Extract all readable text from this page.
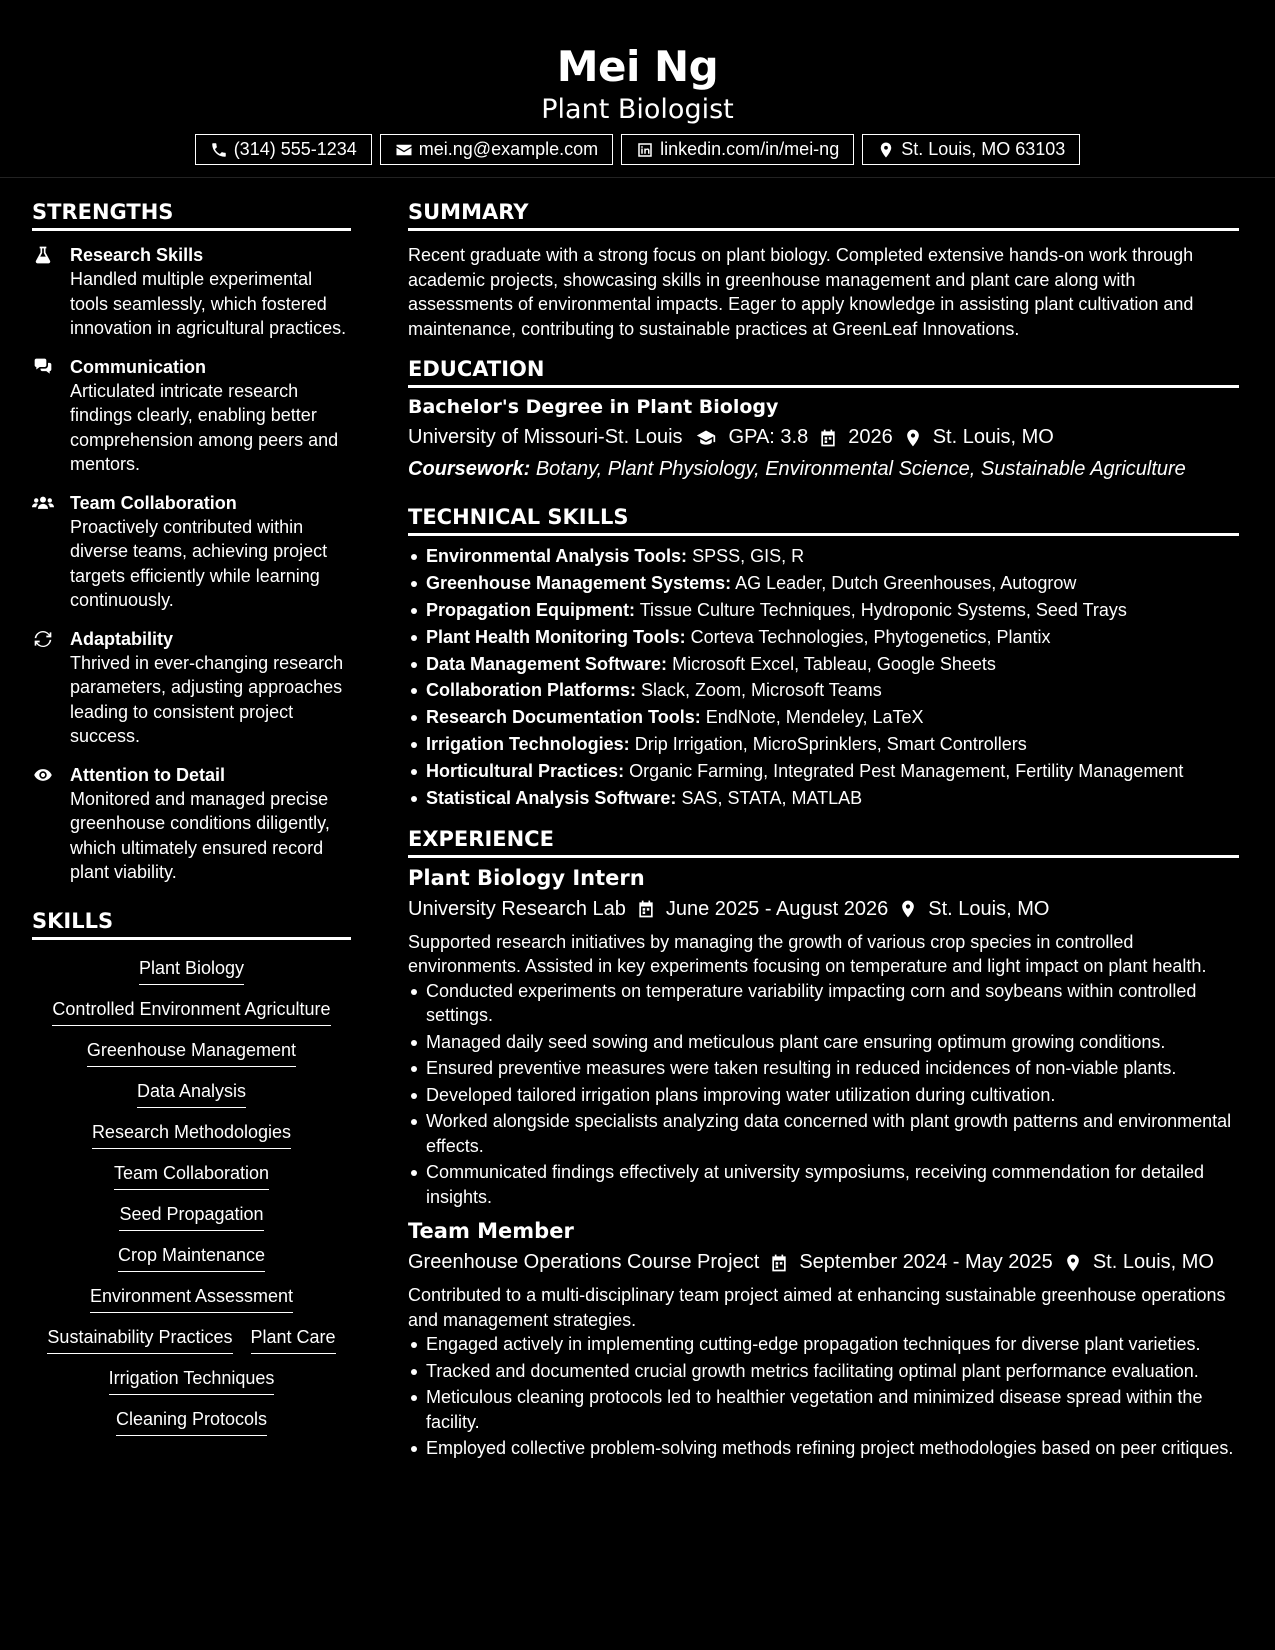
Mei Ng
Plant Biologist
(314) 555-1234	mei.ng@example.com	linkedin.com/in/mei-ng	St. Louis, MO 63103
STRENGTHS
Research Skills
Handled multiple experimental tools seamlessly, which fostered innovation in agricultural practices.
Communication
Articulated intricate research findings clearly, enabling better comprehension among peers and mentors.
Team Collaboration
Proactively contributed within diverse teams, achieving project targets efficiently while learning continuously.
Adaptability
Thrived in ever-changing research parameters, adjusting approaches leading to consistent project success.
Attention to Detail
Monitored and managed precise greenhouse conditions diligently, which ultimately ensured record plant viability.
SKILLS
Plant Biology
Controlled Environment Agriculture
Greenhouse Management
Data Analysis
Research Methodologies
Team Collaboration
Seed Propagation
Crop Maintenance
Environment Assessment
Sustainability Practices Plant Care
Irrigation Techniques
Cleaning Protocols
SUMMARY
Recent graduate with a strong focus on plant biology. Completed extensive hands-on work through academic projects, showcasing skills in greenhouse management and plant care along with assessments of environmental impacts. Eager to apply knowledge in assisting plant cultivation and maintenance, contributing to sustainable practices at GreenLeaf Innovations.
EDUCATION
Bachelor's Degree in Plant Biology
University of Missouri-St. Louis GPA: 3.8 2026 St. Louis, MO
Coursework: Botany, Plant Physiology, Environmental Science, Sustainable Agriculture
TECHNICAL SKILLS
Environmental Analysis Tools: SPSS, GIS, R
Greenhouse Management Systems: AG Leader, Dutch Greenhouses, Autogrow
Propagation Equipment: Tissue Culture Techniques, Hydroponic Systems, Seed Trays
Plant Health Monitoring Tools: Corteva Technologies, Phytogenetics, Plantix
Data Management Software: Microsoft Excel, Tableau, Google Sheets
Collaboration Platforms: Slack, Zoom, Microsoft Teams
Research Documentation Tools: EndNote, Mendeley, LaTeX
Irrigation Technologies: Drip Irrigation, MicroSprinklers, Smart Controllers
Horticultural Practices: Organic Farming, Integrated Pest Management, Fertility Management
Statistical Analysis Software: SAS, STATA, MATLAB
EXPERIENCE
Plant Biology Intern
University Research Lab June 2025 - August 2026 St. Louis, MO
Supported research initiatives by managing the growth of various crop species in controlled environments. Assisted in key experiments focusing on temperature and light impact on plant health.
Conducted experiments on temperature variability impacting corn and soybeans within controlled settings.
Managed daily seed sowing and meticulous plant care ensuring optimum growing conditions.
Ensured preventive measures were taken resulting in reduced incidences of non-viable plants.
Developed tailored irrigation plans improving water utilization during cultivation.
Worked alongside specialists analyzing data concerned with plant growth patterns and environmental effects.
Communicated findings effectively at university symposiums, receiving commendation for detailed insights.
Team Member
Greenhouse Operations Course Project September 2024 - May 2025 St. Louis, MO
Contributed to a multi-disciplinary team project aimed at enhancing sustainable greenhouse operations and management strategies.
Engaged actively in implementing cutting-edge propagation techniques for diverse plant varieties.
Tracked and documented crucial growth metrics facilitating optimal plant performance evaluation.
Meticulous cleaning protocols led to healthier vegetation and minimized disease spread within the facility.
Employed collective problem-solving methods refining project methodologies based on peer critiques.
